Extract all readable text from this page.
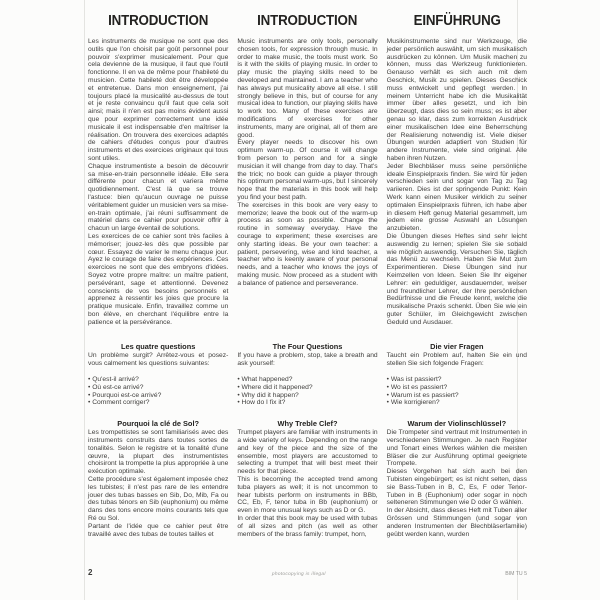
INTRODUCTION

Les instruments de musique ne sont que des outils que l'on choisit par goût personnel pour pouvoir s'exprimer musicalement. Pour que cela devienne de la musique, il faut que l'outil fonctionne. Il en va de même pour l'habileté du musicien. Cette habileté doit être développée et entretenue. Dans mon enseignement, j'ai toujours placé la musicalité au-dessus de tout et je reste convaincu qu'il faut que cela soit ainsi; mais il n'en est pas moins évident aussi que pour exprimer correctement une idée musicale il est indispensable d'en maîtriser la réalisation. On trouvera des exercices adaptés de cahiers d'études conçus pour d'autres instruments et des exercices originaux qui tous sont utiles.

Chaque instrumentiste a besoin de découvrir sa mise-en-train personnelle idéale. Elle sera différente pour chacun et variera même quotidiennement. C'est là que se trouve l'astuce: bien qu'aucun ouvrage ne puisse véritablement guider un musicien vers sa mise-en-train optimale, j'ai réuni suffisamment de matériel dans ce cahier pour pouvoir offrir à chacun un large éventail de solutions.

Les exercices de ce cahier sont très faciles à mémoriser; jouez-les dès que possible par cœur. Essayez de varier le menu chaque jour. Ayez le courage de faire des expériences. Ces exercices ne sont que des embryons d'idées. Soyez votre propre maître: un maître patient, persévérant, sage et attentionné. Devenez conscients de vos besoins personnels et apprenez à ressentir les joies que procure la pratique musicale. Enfin, travaillez comme un bon élève, en cherchant l'équilibre entre la patience et la persévérance.

INTRODUCTION

Music instruments are only tools, personally chosen tools, for expression through music. In order to make music, the tools must work. So is it with the skills of playing music. In order to play music the playing skills need to be developed and maintained. I am a teacher who has always put musicality above all else. I still strongly believe in this, but of course for any musical idea to function, our playing skills have to work too. Many of these exercises are modifications of exercises for other instruments, many are original, all of them are good.

Every player needs to discover his own optimum warm-up. Of course it will change from person to person and for a single musician it will change from day to day. That's the trick; no book can guide a player through his optimum personal warm-ups, but I sincerely hope that the materials in this book will help you find your best path.

The exercises in this book are very easy to memorize; leave the book out of the warm-up process as soon as possible. Change the routine in someway everyday. Have the courage to experiment; these exercises are only starting ideas. Be your own teacher: a patient, persevering, wise and kind teacher, a teacher who is keenly aware of your personal needs, and a teacher who knows the joys of making music. Now proceed as a student with a balance of patience and perseverance.

EINFÜHRUNG

Musikinstrumente sind nur Werkzeuge, die jeder persönlich auswählt, um sich musikalisch ausdrücken zu können. Um Musik machen zu können, muss das Werkzeug funktionieren. Genauso verhält es sich auch mit dem Geschick, Musik zu spielen. Dieses Geschick muss entwickelt und gepflegt werden. In meinem Unterricht habe ich die Musikalität immer über alles gesetzt, und ich bin überzeugt, dass dies so sein muss; es ist aber genau so klar, dass zum korrekten Ausdruck einer musikalischen Idee eine Beherrschung der Realisierung notwendig ist. Viele dieser Übungen wurden adaptiert von Studien für andere Instrumente, viele sind original. Alle haben ihren Nutzen.

Jeder Blechbläser muss seine persönliche ideale Einspielpraxis finden. Sie wird für jeden verschieden sein und sogar von Tag zu Tag variieren. Dies ist der springende Punkt: Kein Werk kann einen Musiker wirklich zu seiner optimalen Einspielpraxis führen, ich habe aber in diesem Heft genug Material gesammelt, um jedem eine grosse Auswahl an Lösungen anzubieten.

Die Übungen dieses Heftes sind sehr leicht auswendig zu lernen; spielen Sie sie sobald wie möglich auswendig. Versuchen Sie, täglich das Menü zu wechseln. Haben Sie Mut zum Experimentieren. Diese Übungen sind nur Keimzellen von Ideen. Seien Sie Ihr eigener Lehrer: ein geduldiger, ausdauernder, weiser und freundlicher Lehrer, der Ihre persönlichen Bedürfnisse und die Freude kennt, welche die musikalische Praxis schenkt. Üben Sie wie ein guter Schüler, im Gleichgewicht zwischen Geduld und Ausdauer.

Les quatre questions

Un problème surgit? Arrêtez-vous et posez-vous calmement les questions suivantes:

• Qu'est-il arrivé?
• Où est-ce arrivé?
• Pourquoi est-ce arrivé?
• Comment corriger?
The Four Questions

If you have a problem, stop, take a breath and ask yourself:

• What happened?
• Where did it happened?
• Why did it happen?
• How do I fix it?
Die vier Fragen

Taucht ein Problem auf, halten Sie ein und stellen Sie sich folgende Fragen:

• Was ist passiert?
• Wo ist es passiert?
• Warum ist es passiert?
• Wie korrigieren?
Pourquoi la clé de Sol?

Les trompettistes se sont familiarisés avec des instruments construits dans toutes sortes de tonalités. Selon le registre et la tonalité d'une œuvre, la plupart des instrumentistes choisiront la trompette la plus appropriée à une exécution optimale.

Cette procédure s'est également imposée chez les tubistes; il n'est pas rare de les entendre jouer des tubas basses en Sib, Do, Mib, Fa ou des tubas ténors en Sib (euphonium) ou même dans des tons encore moins courants tels que Ré ou Sol.

Partant de l'idée que ce cahier peut être travaillé avec des tubas de toutes tailles et

Why Treble Clef?

Trumpet players are familiar with instruments in a wide variety of keys. Depending on the range and key of the piece and the size of the ensemble, most players are accustomed to selecting a trumpet that will best meet their needs for that piece.

This is becoming the accepted trend among tuba players as well; it is not uncommon to hear tubists perform on instruments in BBb, CC, Eb, F, tenor tuba in Bb (euphonium) or even in more unusual keys such as D or G.

In order that this book may be used with tubas of all sizes and pitch (as well as other members of the brass family: trumpet, horn,

Warum der Violinschlüssel?

Die Trompeter sind vertraut mit Instrumenten in verschiedenen Stimmungen. Je nach Register und Tonart eines Werkes wählen die meisten Bläser die zur Ausführung optimal geeignete Trompete.

Dieses Vorgehen hat sich auch bei den Tubisten eingebürgert; es ist nicht selten, dass sie Bass-Tuben in B, C, Es, F oder Tenor-Tuben in B (Euphonium) oder sogar in noch selteneren Stimmungen wie D oder G wählen.

In der Absicht, dass dieses Heft mit Tuben aller Grössen und Stimmungen (und sogar von anderen Instrumenten der Blechbläserfamilie) geübt werden kann, wurden

2	photocopying is illegal	BIM TU 5
